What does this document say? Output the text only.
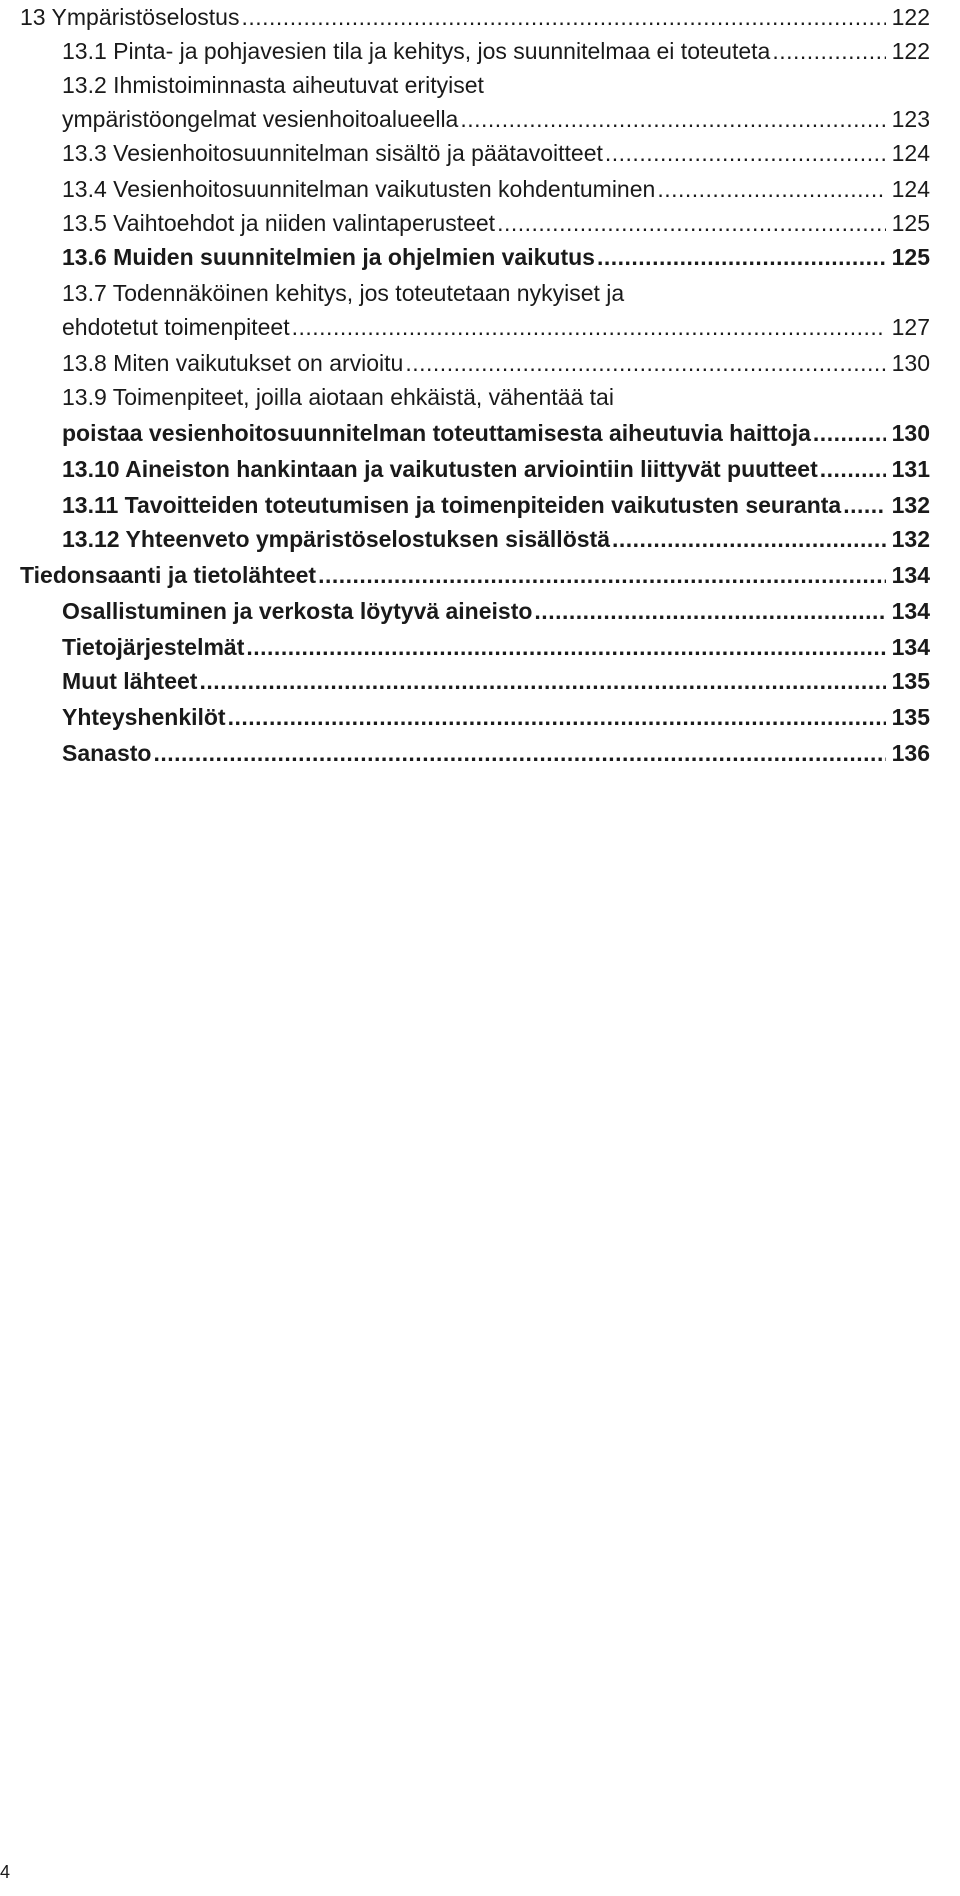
13 Ympäristöselostus .....	122
13.1 Pinta- ja pohjavesien tila ja kehitys, jos suunnitelmaa ei toteuteta .....	122
13.2 Ihmistoiminnasta aiheutuvat erityiset
ympäristöongelmat vesienhoitoalueella .....	123
13.3 Vesienhoitosuunnitelman sisältö ja päätavoitteet .....	124
13.4 Vesienhoitosuunnitelman vaikutusten kohdentuminen .....	124
13.5 Vaihtoehdot ja niiden valintaperusteet .....	125
13.6 Muiden suunnitelmien ja ohjelmien vaikutus .....	125
13.7 Todennäköinen kehitys, jos toteutetaan nykyiset ja
ehdotetut toimenpiteet .....	127
13.8 Miten vaikutukset on arvioitu .....	130
13.9 Toimenpiteet, joilla aiotaan ehkäistä, vähentää tai
poistaa vesienhoitosuunnitelman toteuttamisesta aiheutuvia haittoja .....	130
13.10 Aineiston hankintaan ja vaikutusten arviointiin liittyvät puutteet .....	131
13.11 Tavoitteiden toteutumisen ja toimenpiteiden vaikutusten seuranta ..... 132
13.12 Yhteenveto ympäristöselostuksen sisällöstä .....	132
Tiedonsaanti ja tietolähteet .....	134
Osallistuminen ja verkosta löytyvä aineisto .....	134
Tietojärjestelmät .....	134
Muut lähteet .....	135
Yhteyshenkilöt .....	135
Sanasto .....	136
4
